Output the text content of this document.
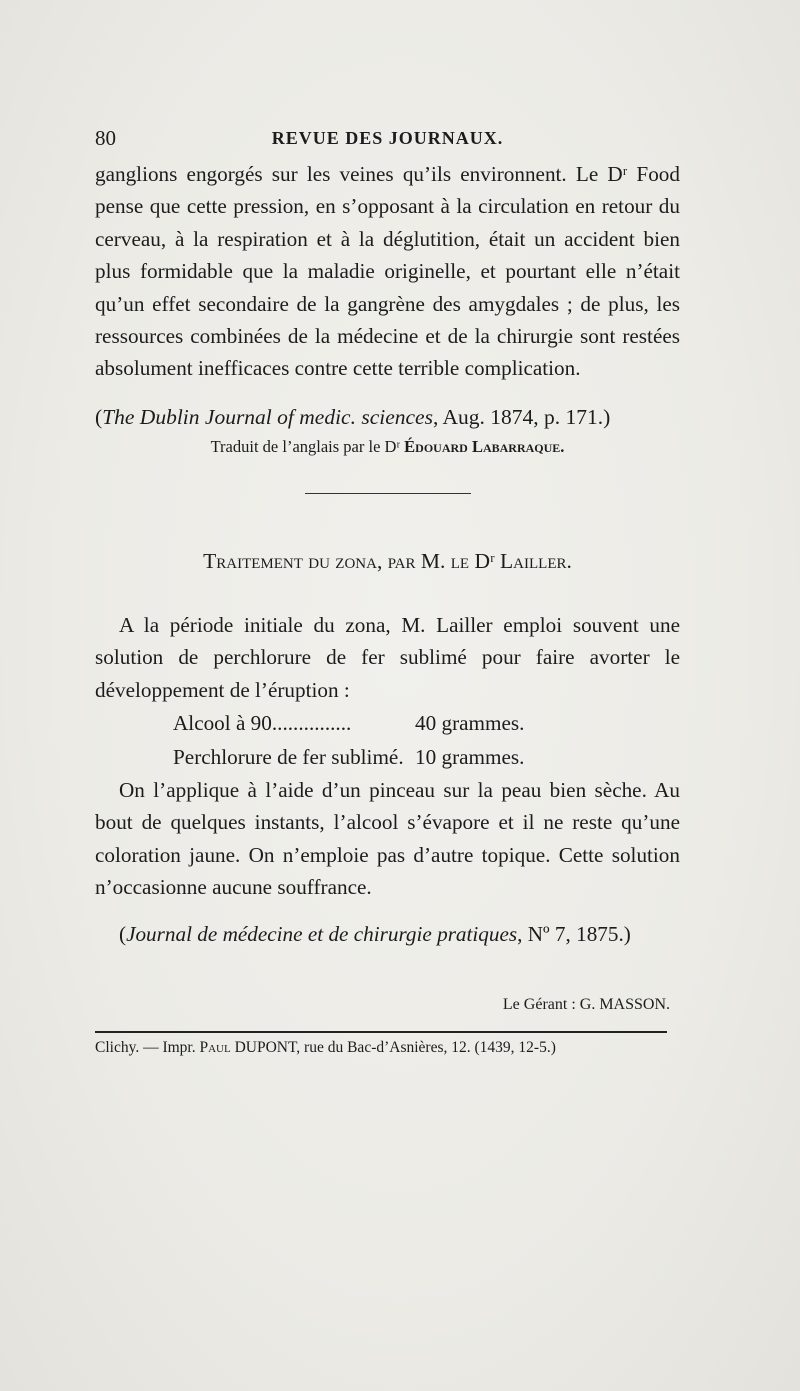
80	REVUE DES JOURNAUX.

ganglions engorgés sur les veines qu’ils environnent. Le Dʳ Food pense que cette pression, en s’opposant à la circulation en retour du cerveau, à la respiration et à la déglutition, était un accident bien plus formidable que la maladie originelle, et pourtant elle n’était qu’un effet secondaire de la gangrène des amygdales ; de plus, les ressources combinées de la médecine et de la chirurgie sont restées absolument inefficaces contre cette terrible complication.

(The Dublin Journal of medic. sciences, Aug. 1874, p. 171.)

Traduit de l’anglais par le Dʳ Édouard Labarraque.

Traitement du zona, par M. le Dʳ Lailler.

A la période initiale du zona, M. Lailler emploi souvent une solution de perchlorure de fer sublimé pour faire avorter le développement de l’éruption :

Alcool à 90...............	40 grammes.
Perchlorure de fer sublimé. 10 grammes.

On l’applique à l’aide d’un pinceau sur la peau bien sèche. Au bout de quelques instants, l’alcool s’évapore et il ne reste qu’une coloration jaune. On n’emploie pas d’autre topique. Cette solution n’occasionne aucune souffrance.

(Journal de médecine et de chirurgie pratiques, Nº 7, 1875.)

Le Gérant : G. MASSON.
Clichy. — Impr. Paul DUPONT, rue du Bac-d’Asnières, 12. (1439, 12-5.)
